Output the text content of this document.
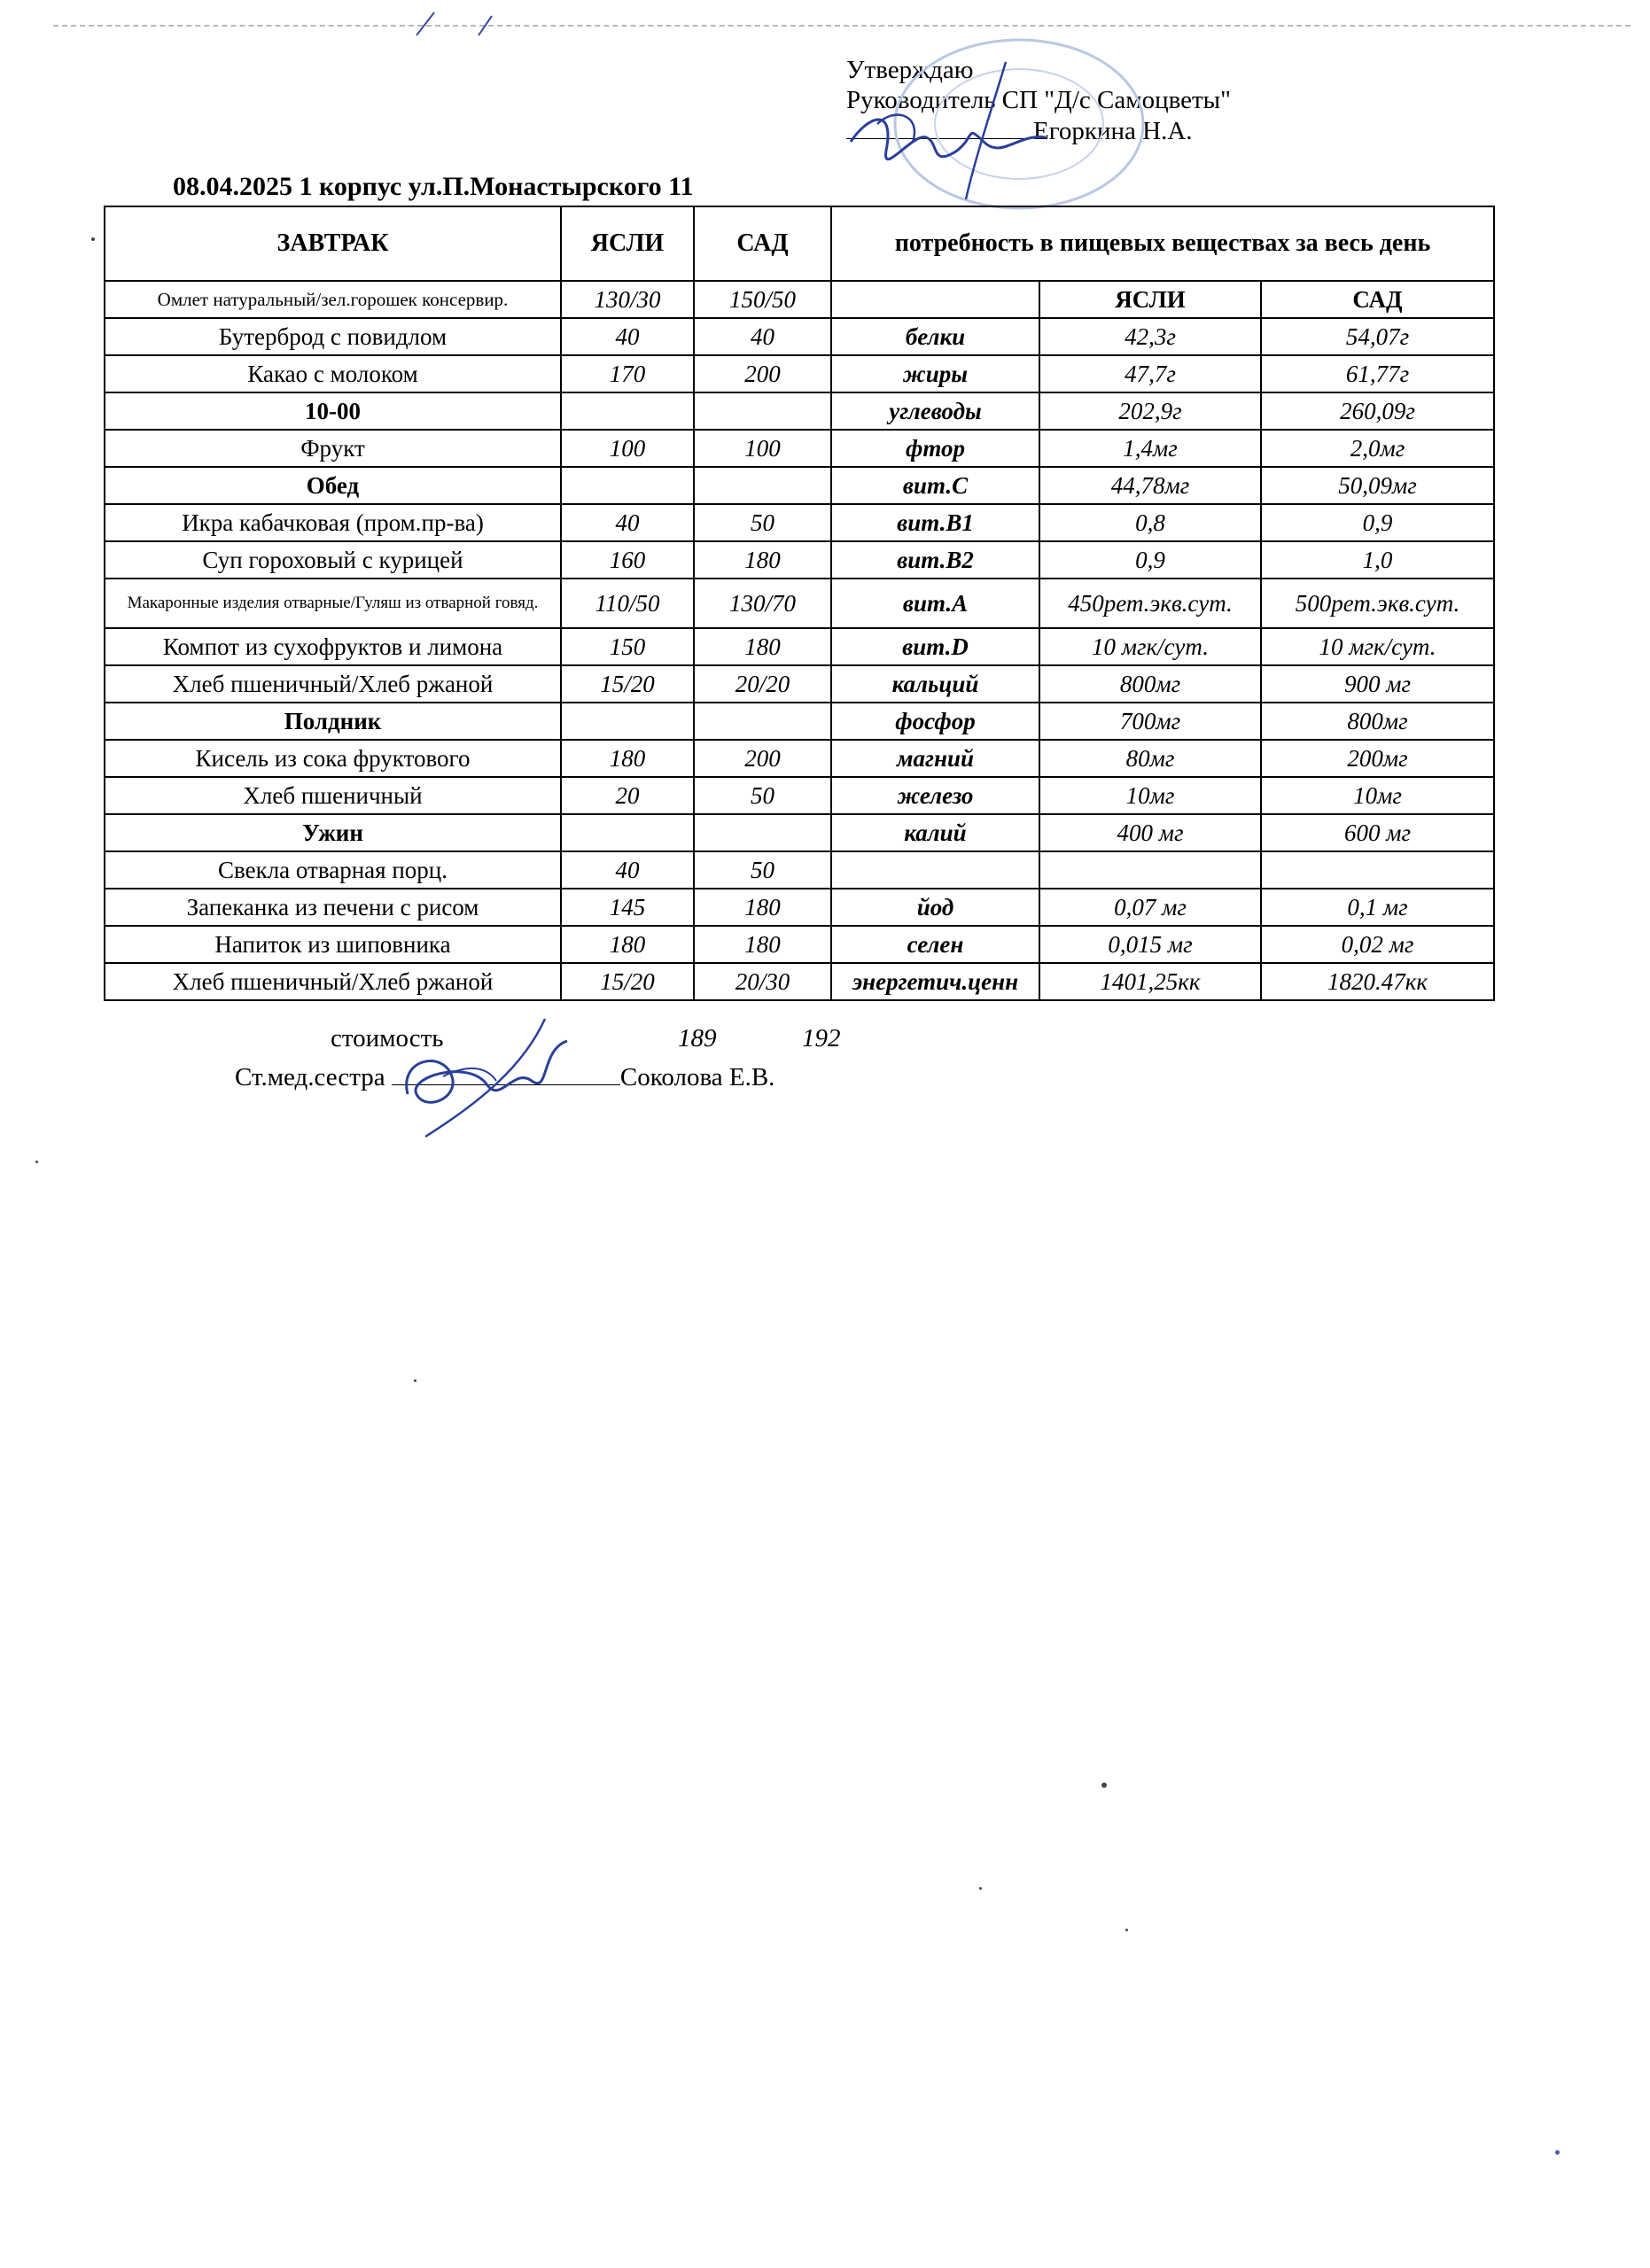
Утверждаю
Руководитель СП "Д/с Самоцветы"
Егоркина Н.А.
08.04.2025 1 корпус ул.П.Монастырского 11
ЗАВТРАК	ЯСЛИ	САД	потребность в пищевых веществах за весь день		
Омлет натуральный/зел.горошек консервир.	130/30	150/50		ЯСЛИ	САД
Бутерброд с повидлом	40	40	белки	42,3г	54,07г
Какао с молоком	170	200	жиры	47,7г	61,77г
10-00			углеводы	202,9г	260,09г
Фрукт	100	100	фтор	1,4мг	2,0мг
Обед			вит.С	44,78мг	50,09мг
Икра кабачковая (пром.пр-ва)	40	50	вит.В1	0,8	0,9
Суп гороховый с курицей	160	180	вит.В2	0,9	1,0
Макаронные изделия отварные/Гуляш из отварной говяд.	110/50	130/70	вит.А	450рет.экв.сут.	500рет.экв.сут.
Компот из сухофруктов и лимона	150	180	вит.D	10 мгк/сут.	10 мгк/сут.
Хлеб пшеничный/Хлеб ржаной	15/20	20/20	кальций	800мг	900 мг
Полдник			фосфор	700мг	800мг
Кисель из сока фруктового	180	200	магний	80мг	200мг
Хлеб пшеничный	20	50	железо	10мг	10мг
Ужин			калий	400 мг	600 мг
Свекла отварная порц.	40	50			
Запеканка из печени с рисом	145	180	йод	0,07 мг	0,1 мг
Напиток из шиповника	180	180	селен	0,015 мг	0,02 мг
Хлеб пшеничный/Хлеб ржаной	15/20	20/30	энергетич.ценн	1401,25кк	1820.47кк
стоимость	189	192
Ст.мед.сестра	Соколова Е.В.
